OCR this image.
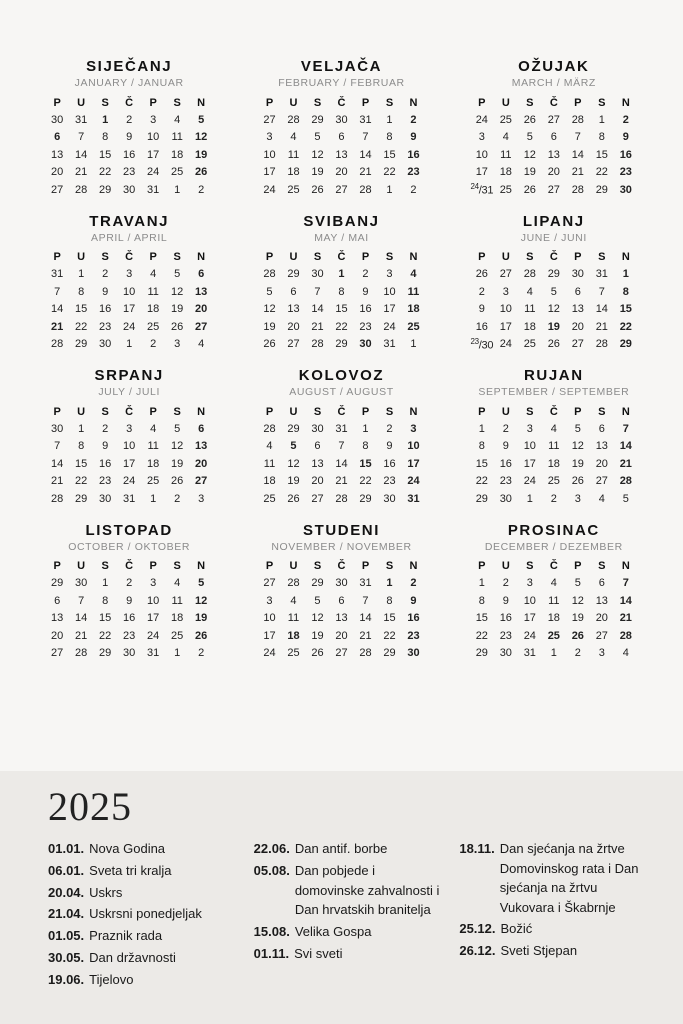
SIJEČANJ
JANUARY / JANUAR
P	U	S	Č	P	S	N
30	31	1	2	3	4	5
6	7	8	9	10	11	12
13	14	15	16	17	18	19
20	21	22	23	24	25	26
27	28	29	30	31	1	2
VELJAČA
FEBRUARY / FEBRUAR
P	U	S	Č	P	S	N
27	28	29	30	31	1	2
3	4	5	6	7	8	9
10	11	12	13	14	15	16
17	18	19	20	21	22	23
24	25	26	27	28	1	2
OŽUJAK
MARCH / MÄRZ
P	U	S	Č	P	S	N
24	25	26	27	28	1	2
3	4	5	6	7	8	9
10	11	12	13	14	15	16
17	18	19	20	21	22	23
$^{24}$/31	25	26	27	28	29	30
TRAVANJ
APRIL / APRIL
P	U	S	Č	P	S	N
31	1	2	3	4	5	6
7	8	9	10	11	12	13
14	15	16	17	18	19	20
21	22	23	24	25	26	27
28	29	30	1	2	3	4
SVIBANJ
MAY / MAI
P	U	S	Č	P	S	N
28	29	30	1	2	3	4
5	6	7	8	9	10	11
12	13	14	15	16	17	18
19	20	21	22	23	24	25
26	27	28	29	30	31	1
LIPANJ
JUNE / JUNI
P	U	S	Č	P	S	N
26	27	28	29	30	31	1
2	3	4	5	6	7	8
9	10	11	12	13	14	15
16	17	18	19	20	21	22
$^{23}$/30	24	25	26	27	28	29
SRPANJ
JULY / JULI
P	U	S	Č	P	S	N
30	1	2	3	4	5	6
7	8	9	10	11	12	13
14	15	16	17	18	19	20
21	22	23	24	25	26	27
28	29	30	31	1	2	3
KOLOVOZ
AUGUST / AUGUST
P	U	S	Č	P	S	N
28	29	30	31	1	2	3
4	5	6	7	8	9	10
11	12	13	14	15	16	17
18	19	20	21	22	23	24
25	26	27	28	29	30	31
RUJAN
SEPTEMBER / SEPTEMBER
P	U	S	Č	P	S	N
1	2	3	4	5	6	7
8	9	10	11	12	13	14
15	16	17	18	19	20	21
22	23	24	25	26	27	28
29	30	1	2	3	4	5
LISTOPAD
OCTOBER / OKTOBER
P	U	S	Č	P	S	N
29	30	1	2	3	4	5
6	7	8	9	10	11	12
13	14	15	16	17	18	19
20	21	22	23	24	25	26
27	28	29	30	31	1	2
STUDENI
NOVEMBER / NOVEMBER
P	U	S	Č	P	S	N
27	28	29	30	31	1	2
3	4	5	6	7	8	9
10	11	12	13	14	15	16
17	18	19	20	21	22	23
24	25	26	27	28	29	30
PROSINAC
DECEMBER / DEZEMBER
P	U	S	Č	P	S	N
1	2	3	4	5	6	7
8	9	10	11	12	13	14
15	16	17	18	19	20	21
22	23	24	25	26	27	28
29	30	31	1	2	3	4
2025
01.01. Nova Godina
06.01. Sveta tri kralja
20.04. Uskrs
21.04. Uskrsni ponedjeljak
01.05. Praznik rada
30.05. Dan državnosti
19.06. Tijelovo
22.06. Dan antif. borbe
05.08. Dan pobjede i domovinske zahvalnosti i Dan hrvatskih branitelja
15.08. Velika Gospa
01.11. Svi sveti
18.11. Dan sjećanja na žrtve Domovinskog rata i Dan sjećanja na žrtvu Vukovara i Škabrnje
25.12. Božić
26.12. Sveti Stjepan
